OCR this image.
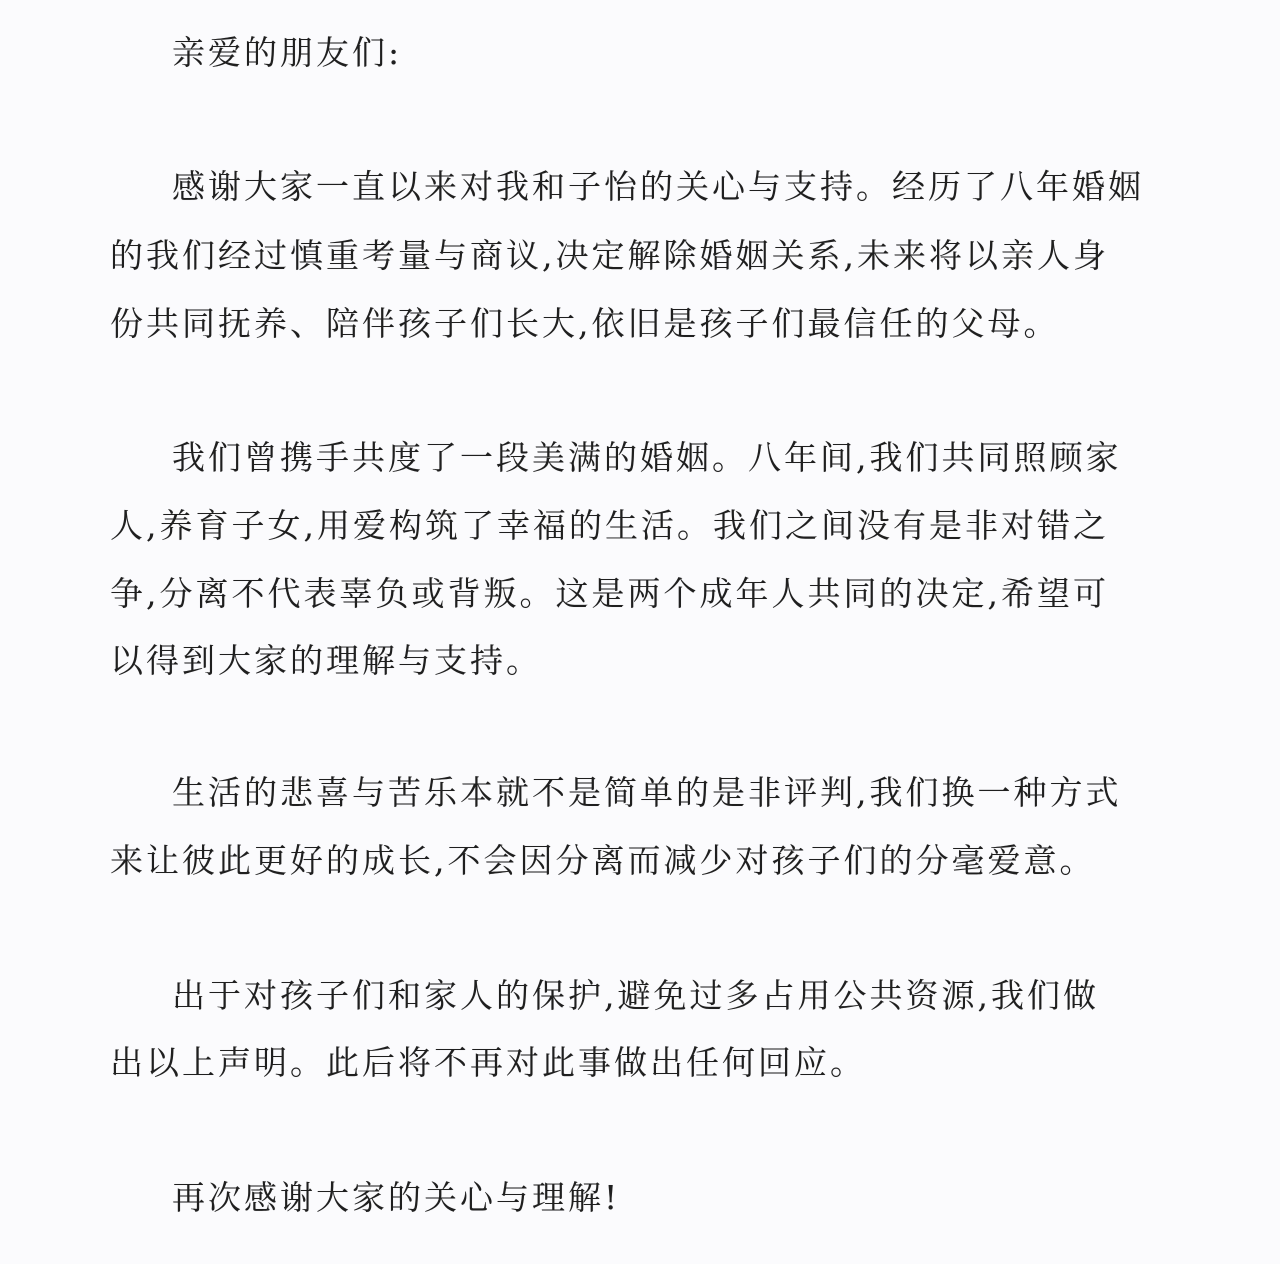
亲爱的朋友们:

感谢大家一直以来对我和子怡的关心与支持。经历了八年婚姻

的我们经过慎重考量与商议,决定解除婚姻关系,未来将以亲人身

份共同抚养、陪伴孩子们长大,依旧是孩子们最信任的父母。

我们曾携手共度了一段美满的婚姻。八年间,我们共同照顾家

人,养育子女,用爱构筑了幸福的生活。我们之间没有是非对错之

争,分离不代表辜负或背叛。这是两个成年人共同的决定,希望可

以得到大家的理解与支持。

生活的悲喜与苦乐本就不是简单的是非评判,我们换一种方式

来让彼此更好的成长,不会因分离而减少对孩子们的分毫爱意。

出于对孩子们和家人的保护,避免过多占用公共资源,我们做

出以上声明。此后将不再对此事做出任何回应。

再次感谢大家的关心与理解!
